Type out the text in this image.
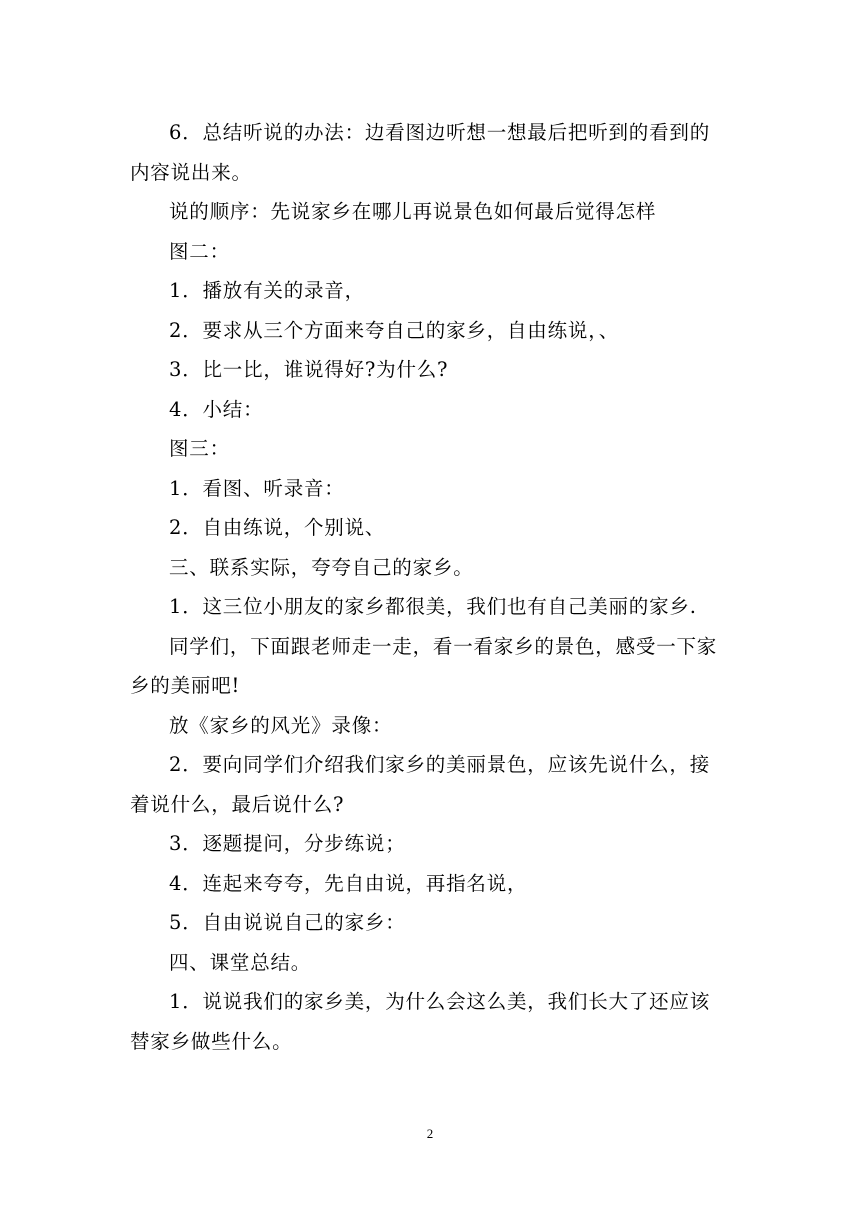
6．总结听说的办法：边看图边听想一想最后把听到的看到的内容说出来。

说的顺序：先说家乡在哪儿再说景色如何最后觉得怎样

图二：

1．播放有关的录音，

2．要求从三个方面来夸自己的家乡，自由练说，、

3．比一比，谁说得好?为什么?

4．小结：

图三：

1．看图、听录音：

2．自由练说，个别说、

三、联系实际，夸夸自己的家乡。

1．这三位小朋友的家乡都很美，我们也有自己美丽的家乡.

同学们，下面跟老师走一走，看一看家乡的景色，感受一下家乡的美丽吧!

放《家乡的风光》录像：

2．要向同学们介绍我们家乡的美丽景色，应该先说什么，接着说什么，最后说什么?

3．逐题提问，分步练说；

4．连起来夸夸，先自由说，再指名说，

5．自由说说自己的家乡：

四、课堂总结。

1．说说我们的家乡美，为什么会这么美，我们长大了还应该替家乡做些什么。

2
